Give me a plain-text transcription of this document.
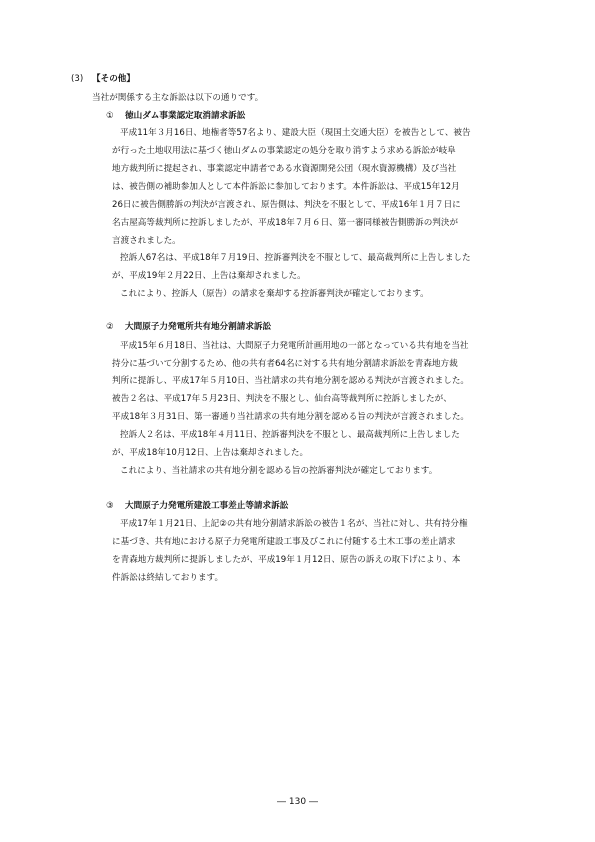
(3) 【その他】
当社が関係する主な訴訟は以下の通りです。
① 徳山ダム事業認定取消請求訴訟
平成11年３月16日、地権者等57名より、建設大臣（現国土交通大臣）を被告として、被告
が行った土地収用法に基づく徳山ダムの事業認定の処分を取り消すよう求める訴訟が岐阜
地方裁判所に提起され、事業認定申請者である水資源開発公団（現水資源機構）及び当社
は、被告側の補助参加人として本件訴訟に参加しております。本件訴訟は、平成15年12月
26日に被告側勝訴の判決が言渡され、原告側は、判決を不服として、平成16年１月７日に
名古屋高等裁判所に控訴しましたが、平成18年７月６日、第一審同様被告側勝訴の判決が
言渡されました。
控訴人67名は、平成18年７月19日、控訴審判決を不服として、最高裁判所に上告しました
が、平成19年２月22日、上告は棄却されました。
これにより、控訴人（原告）の請求を棄却する控訴審判決が確定しております。
② 大間原子力発電所共有地分割請求訴訟
平成15年６月18日、当社は、大間原子力発電所計画用地の一部となっている共有地を当社
持分に基づいて分割するため、他の共有者64名に対する共有地分割請求訴訟を青森地方裁
判所に提訴し、平成17年５月10日、当社請求の共有地分割を認める判決が言渡されました。
被告２名は、平成17年５月23日、判決を不服とし、仙台高等裁判所に控訴しましたが、
平成18年３月31日、第一審通り当社請求の共有地分割を認める旨の判決が言渡されました。
控訴人２名は、平成18年４月11日、控訴審判決を不服とし、最高裁判所に上告しました
が、平成18年10月12日、上告は棄却されました。
これにより、当社請求の共有地分割を認める旨の控訴審判決が確定しております。
③ 大間原子力発電所建設工事差止等請求訴訟
平成17年１月21日、上記②の共有地分割請求訴訟の被告１名が、当社に対し、共有持分権
に基づき、共有地における原子力発電所建設工事及びこれに付随する土木工事の差止請求
を青森地方裁判所に提訴しましたが、平成19年１月12日、原告の訴えの取下げにより、本
件訴訟は終結しております。
― 130 ―
